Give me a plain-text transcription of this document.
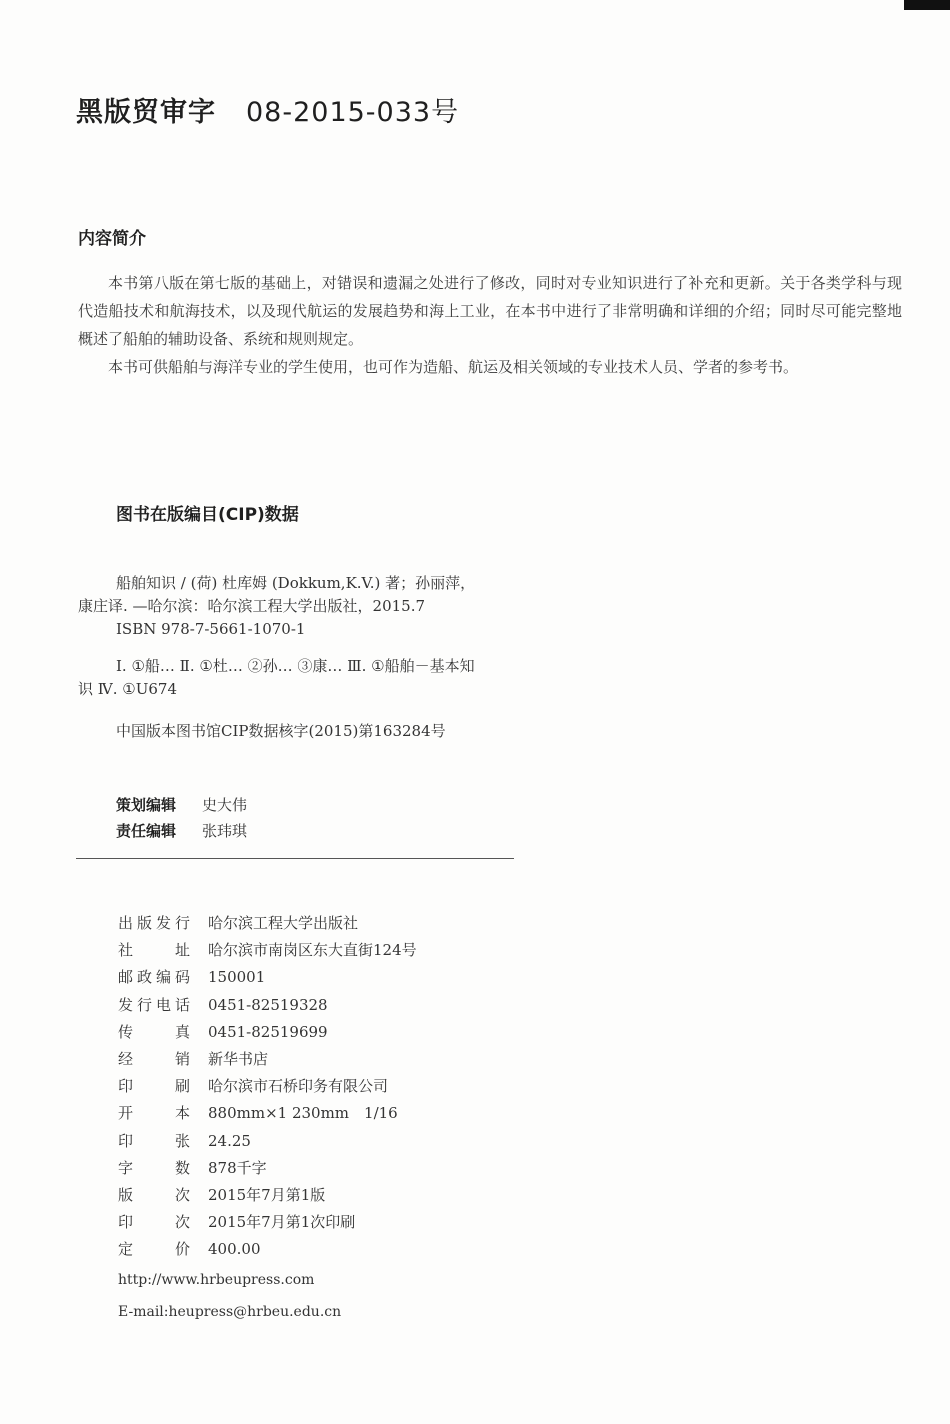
黑版贸审字 08-2015-033号
内容简介

本书第八版在第七版的基础上，对错误和遗漏之处进行了修改，同时对专业知识进行了补充和更新。关于各类学科与现代造船技术和航海技术，以及现代航运的发展趋势和海上工业，在本书中进行了非常明确和详细的介绍；同时尽可能完整地概述了船舶的辅助设备、系统和规则规定。

本书可供船舶与海洋专业的学生使用，也可作为造船、航运及相关领域的专业技术人员、学者的参考书。

图书在版编目(CIP)数据

船舶知识 / (荷) 杜库姆 (Dokkum,K.V.) 著；孙丽萍，康庄译. —哈尔滨：哈尔滨工程大学出版社，2015.7

ISBN 978-7-5661-1070-1

Ⅰ. ①船… Ⅱ. ①杜… ②孙… ③康… Ⅲ. ①船舶－基本知识 Ⅳ. ①U674

中国版本图书馆CIP数据核字(2015)第163284号

策划编辑 史大伟
责任编辑 张玮琪
出版发行 哈尔滨工程大学出版社
社址 哈尔滨市南岗区东大直街124号
邮政编码 150001
发行电话 0451-82519328
传真 0451-82519699
经销 新华书店
印刷 哈尔滨市石桥印务有限公司
开本 880mm×1 230mm　1/16
印张 24.25
字数 878千字
版次 2015年7月第1版
印次 2015年7月第1次印刷
定价 400.00
http://www.hrbeupress.com
E-mail:heupress@hrbeu.edu.cn
